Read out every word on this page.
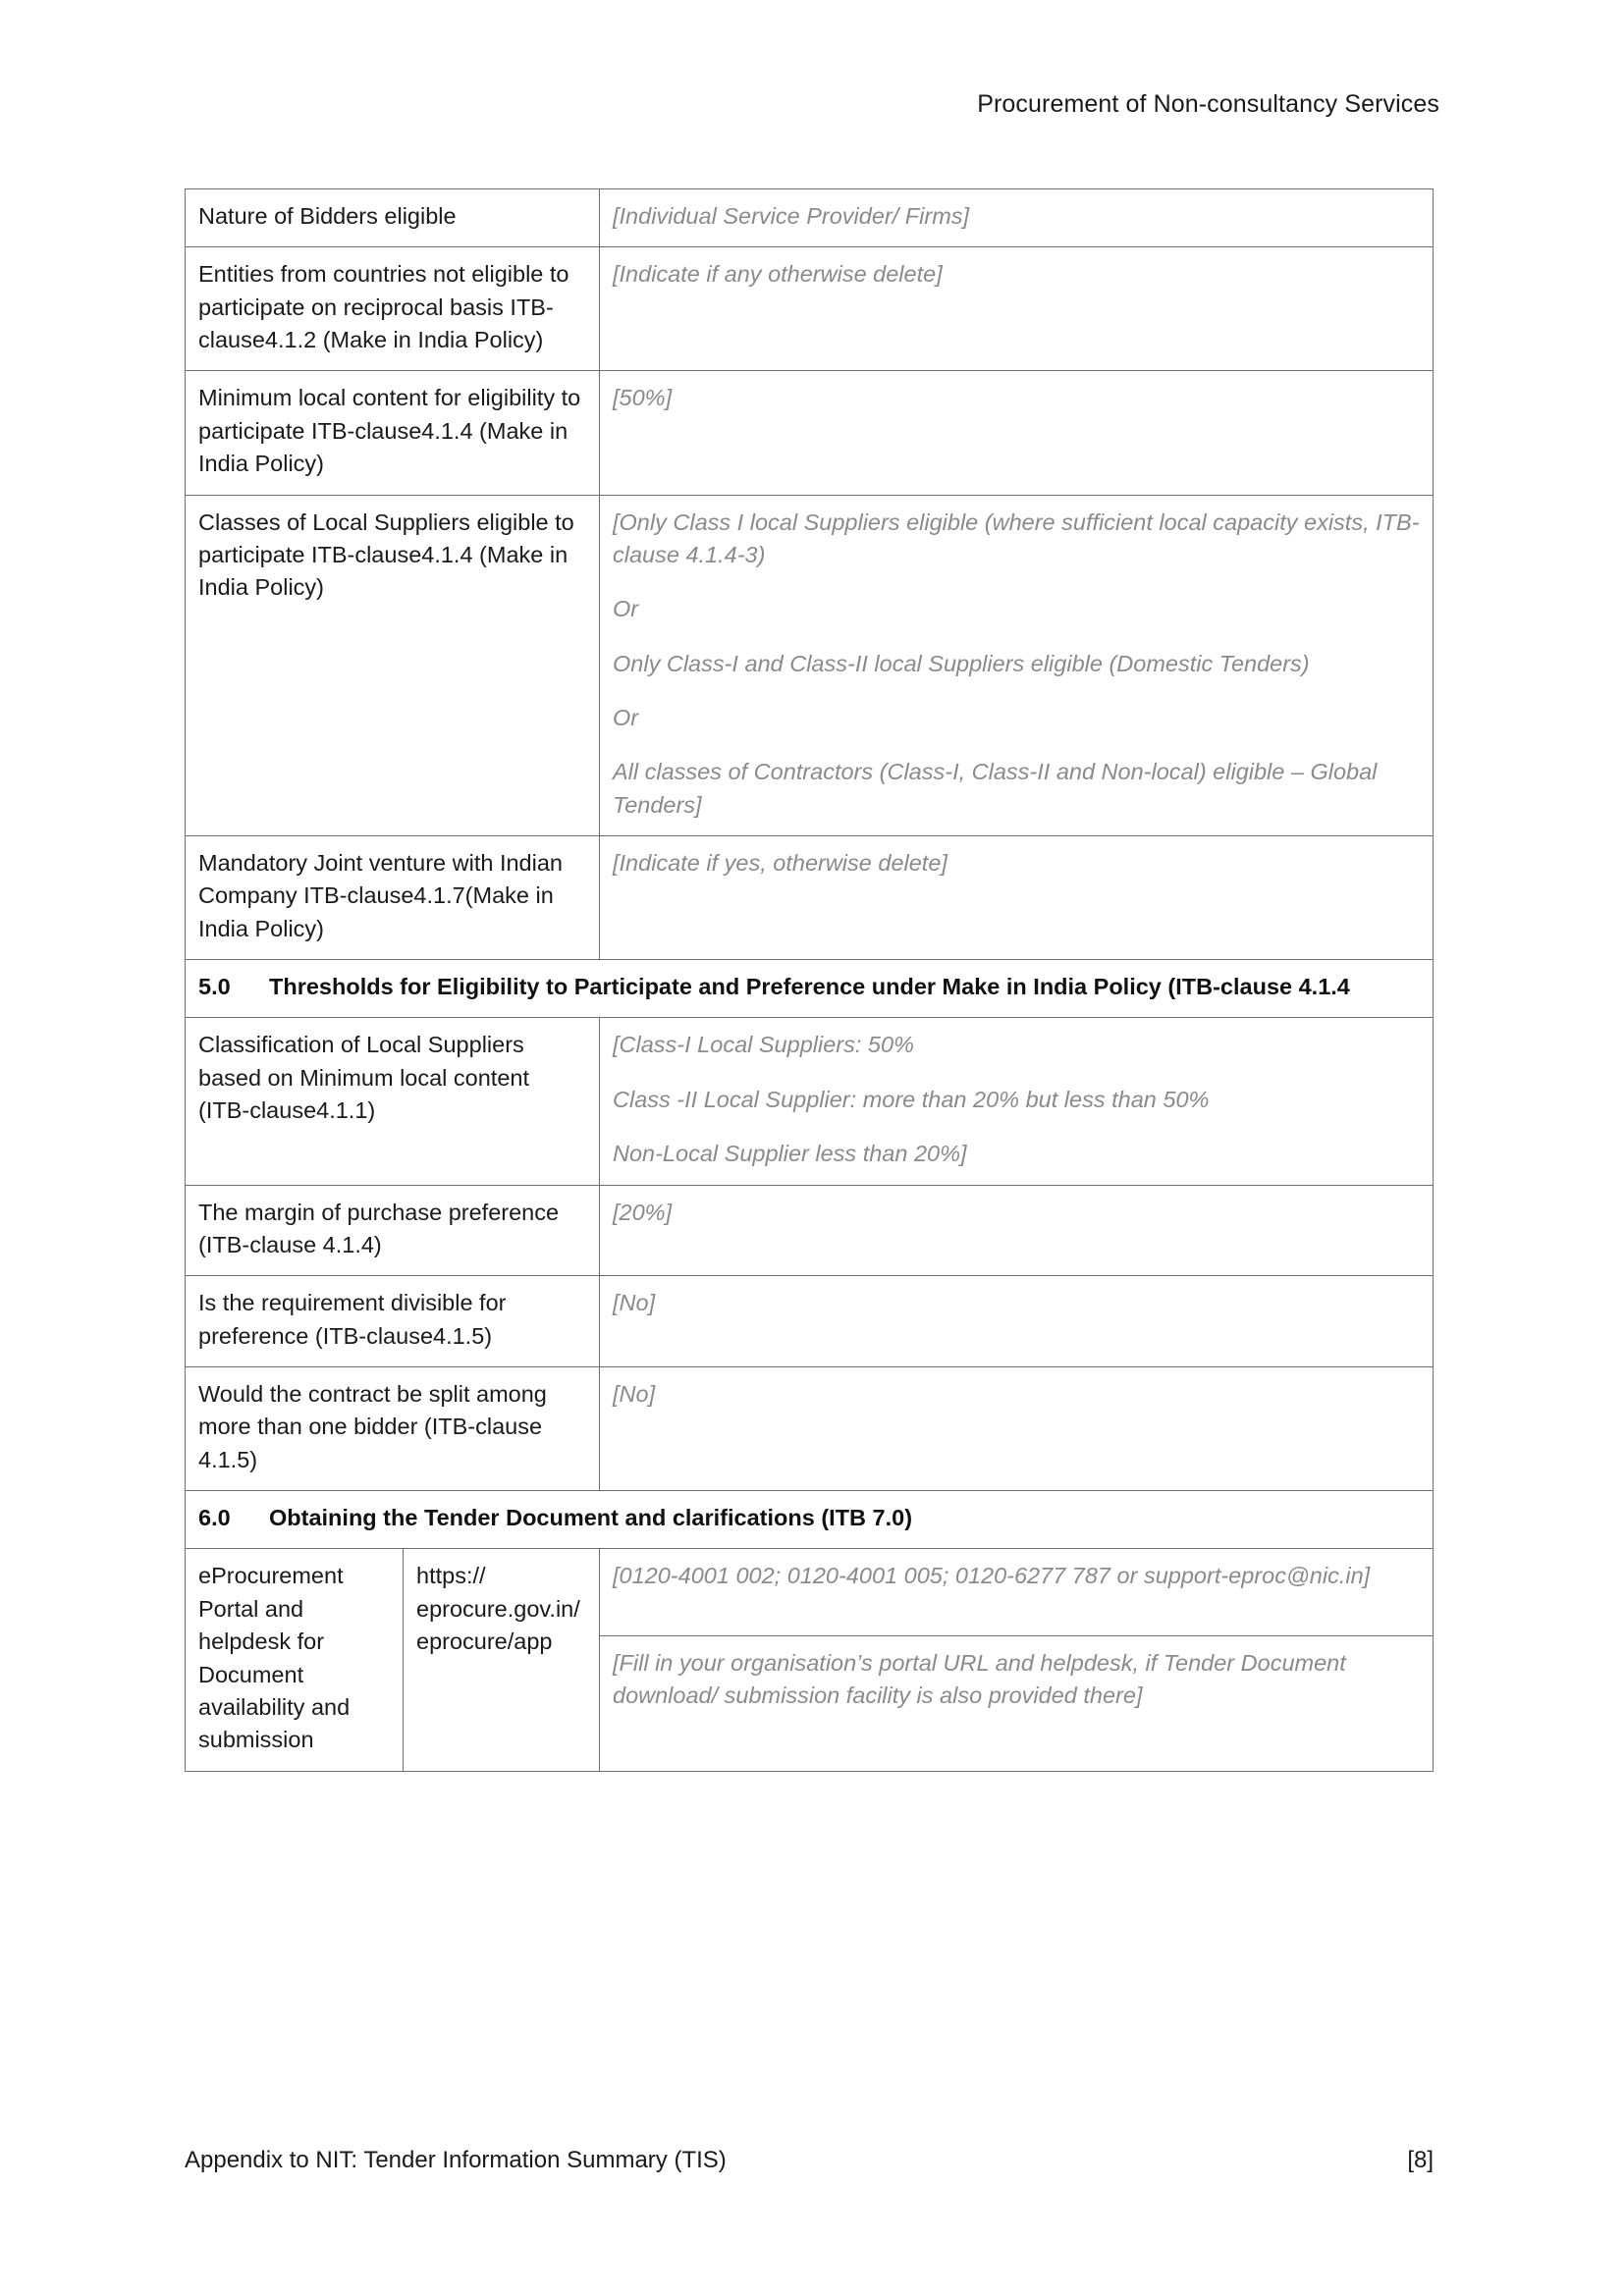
Procurement of Non-consultancy Services
Nature of Bidders eligible		[Individual Service Provider/ Firms]
Entities from countries not eligible to participate on reciprocal basis ITB-clause4.1.2 (Make in India Policy)		[Indicate if any otherwise delete]
Minimum local content for eligibility to participate ITB-clause4.1.4 (Make in India Policy)		[50%]
Classes of Local Suppliers eligible to participate ITB-clause4.1.4 (Make in India Policy)		[Only Class I local Suppliers eligible (where sufficient local capacity exists, ITB-clause 4.1.4-3)

Or

Only Class-I and Class-II local Suppliers eligible (Domestic Tenders)

Or

All classes of Contractors (Class-I, Class-II and Non-local) eligible – Global Tenders]

Mandatory Joint venture with Indian Company ITB-clause4.1.7(Make in India Policy)		[Indicate if yes, otherwise delete]
5.0 Thresholds for Eligibility to Participate and Preference under Make in India Policy (ITB-clause 4.1.4		
Classification of Local Suppliers based on Minimum local content (ITB-clause4.1.1)		[Class-I Local Suppliers: 50%

Class -II Local Supplier: more than 20% but less than 50%

Non-Local Supplier less than 20%]

The margin of purchase preference (ITB-clause 4.1.4)		[20%]
Is the requirement divisible for preference (ITB-clause4.1.5)		[No]
Would the contract be split among more than one bidder (ITB-clause 4.1.5)		[No]
6.0 Obtaining the Tender Document and clarifications (ITB 7.0)		
eProcurement Portal and helpdesk for Document availability and submission	https:// eprocure.gov.in/ eprocure/app	[0120-4001 002; 0120-4001 005; 0120-6277 787 or support-eproc@nic.in]
		[Fill in your organisation’s portal URL and helpdesk, if Tender Document download/ submission facility is also provided there]
Appendix to NIT: Tender Information Summary (TIS)	[8]
